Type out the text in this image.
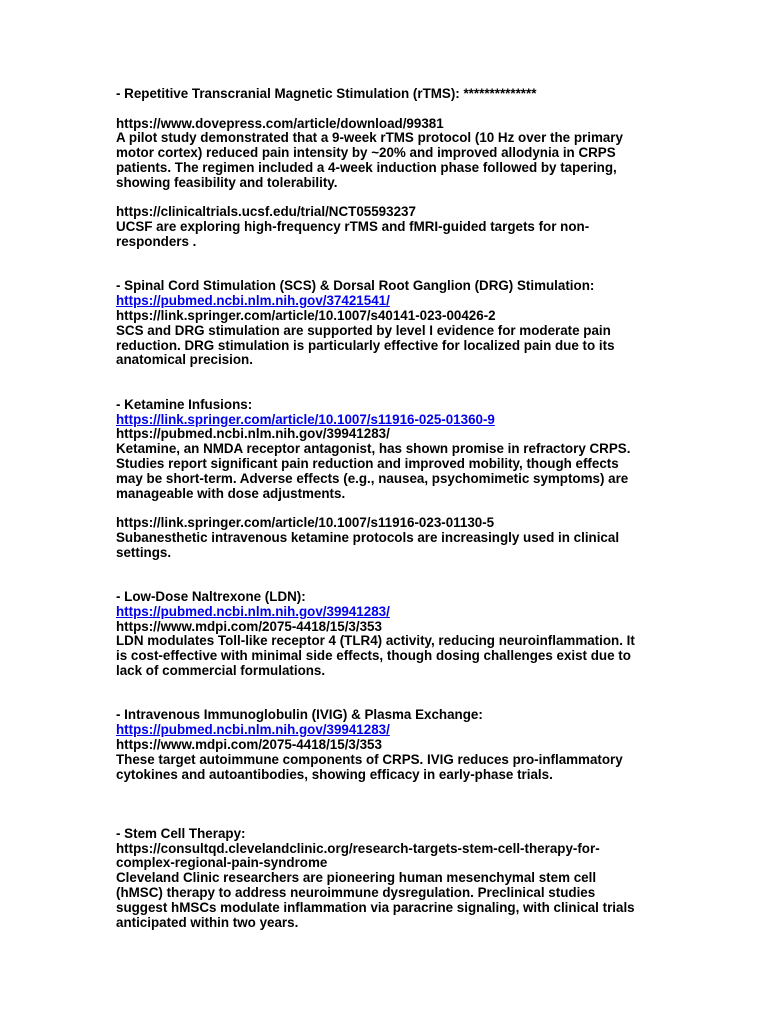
- Repetitive Transcranial Magnetic Stimulation (rTMS): **************

https://www.dovepress.com/article/download/99381

A pilot study demonstrated that a 9-week rTMS protocol (10 Hz over the primary

motor cortex) reduced pain intensity by ~20% and improved allodynia in CRPS

patients. The regimen included a 4-week induction phase followed by tapering,

showing feasibility and tolerability.

https://clinicaltrials.ucsf.edu/trial/NCT05593237

UCSF are exploring high-frequency rTMS and fMRI-guided targets for non-

responders .

- Spinal Cord Stimulation (SCS) & Dorsal Root Ganglion (DRG) Stimulation:

https://pubmed.ncbi.nlm.nih.gov/37421541/

https://link.springer.com/article/10.1007/s40141-023-00426-2

SCS and DRG stimulation are supported by level I evidence for moderate pain

reduction. DRG stimulation is particularly effective for localized pain due to its

anatomical precision.

- Ketamine Infusions:

https://link.springer.com/article/10.1007/s11916-025-01360-9

https://pubmed.ncbi.nlm.nih.gov/39941283/

Ketamine, an NMDA receptor antagonist, has shown promise in refractory CRPS.

Studies report significant pain reduction and improved mobility, though effects

may be short-term. Adverse effects (e.g., nausea, psychomimetic symptoms) are

manageable with dose adjustments.

https://link.springer.com/article/10.1007/s11916-023-01130-5

Subanesthetic intravenous ketamine protocols are increasingly used in clinical

settings.

- Low-Dose Naltrexone (LDN):

https://pubmed.ncbi.nlm.nih.gov/39941283/

https://www.mdpi.com/2075-4418/15/3/353

LDN modulates Toll-like receptor 4 (TLR4) activity, reducing neuroinflammation. It

is cost-effective with minimal side effects, though dosing challenges exist due to

lack of commercial formulations.

- Intravenous Immunoglobulin (IVIG) & Plasma Exchange:

https://pubmed.ncbi.nlm.nih.gov/39941283/

https://www.mdpi.com/2075-4418/15/3/353

These target autoimmune components of CRPS. IVIG reduces pro-inflammatory

cytokines and autoantibodies, showing efficacy in early-phase trials.

- Stem Cell Therapy:

https://consultqd.clevelandclinic.org/research-targets-stem-cell-therapy-for-

complex-regional-pain-syndrome

Cleveland Clinic researchers are pioneering human mesenchymal stem cell

(hMSC) therapy to address neuroimmune dysregulation. Preclinical studies

suggest hMSCs modulate inflammation via paracrine signaling, with clinical trials

anticipated within two years.
